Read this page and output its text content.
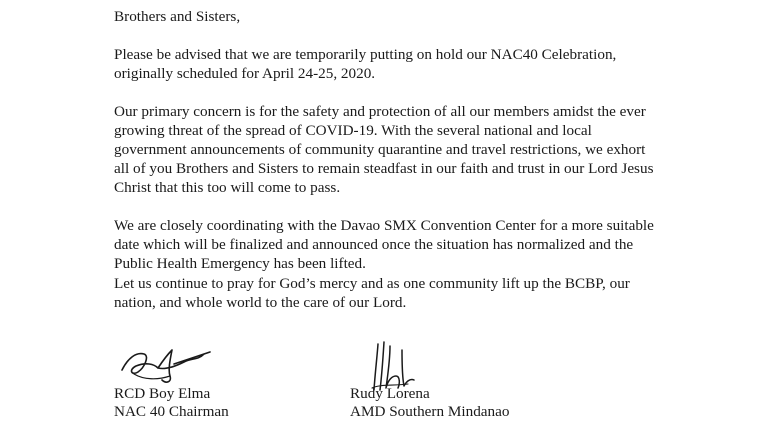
Brothers and Sisters,

Please be advised that we are temporarily putting on hold our NAC40 Celebration,
originally scheduled for April 24-25, 2020.

Our primary concern is for the safety and protection of all our members amidst the ever
growing threat of the spread of COVID-19. With the several national and local
government announcements of community quarantine and travel restrictions, we exhort
all of you Brothers and Sisters to remain steadfast in our faith and trust in our Lord Jesus
Christ that this too will come to pass.

We are closely coordinating with the Davao SMX Convention Center for a more suitable
date which will be finalized and announced once the situation has normalized and the
Public Health Emergency has been lifted.

Let us continue to pray for God’s mercy and as one community lift up the BCBP, our
nation, and whole world to the care of our Lord.

RCD Boy Elma
NAC 40 Chairman
Rudy Lorena
AMD Southern Mindanao
